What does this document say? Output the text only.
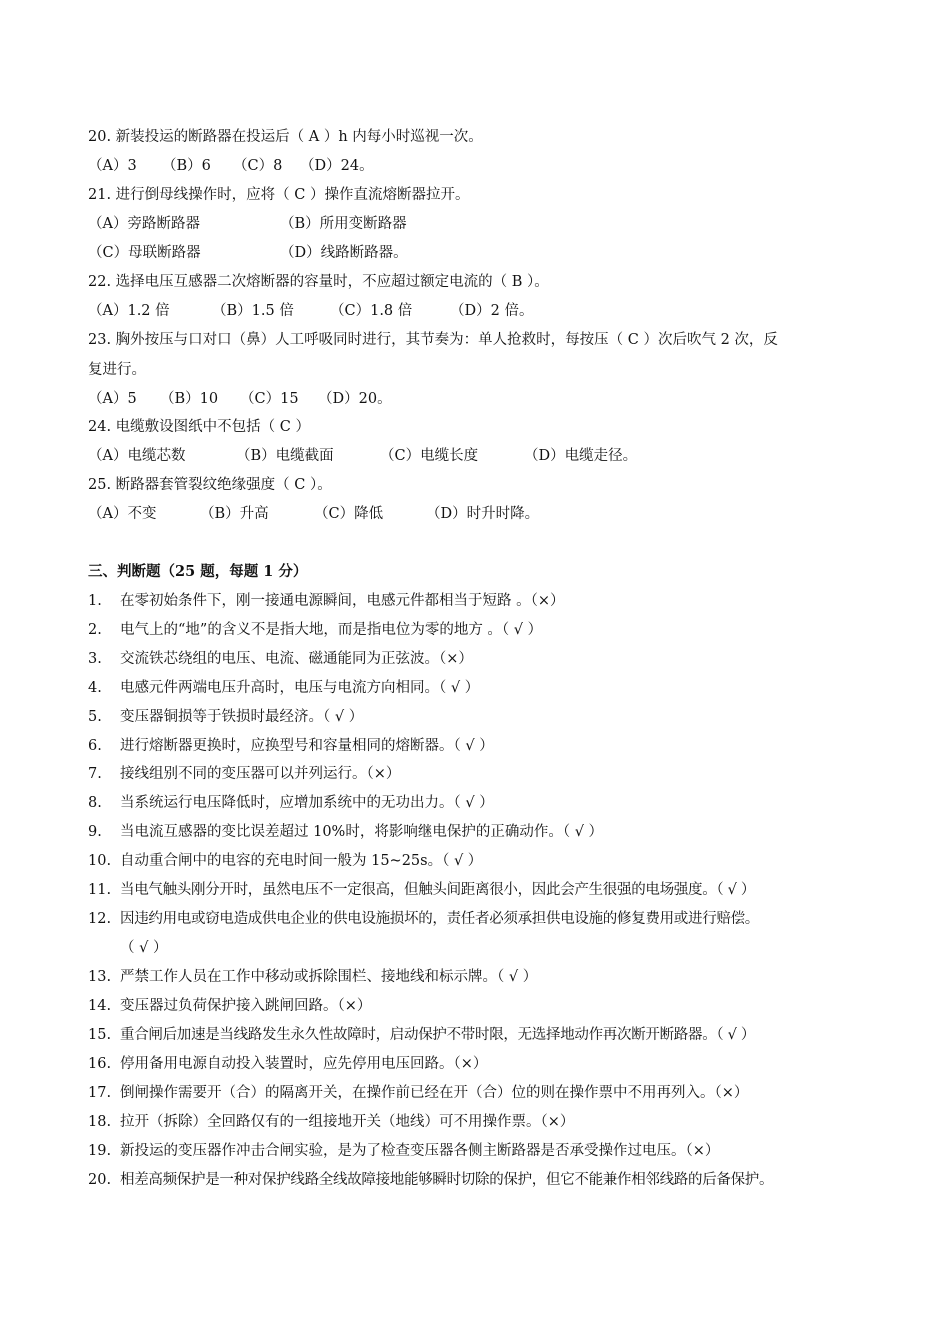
20. 新装投运的断路器在投运后（ A ）h 内每小时巡视一次。
（A）3 （B）6 （C）8 （D）24。
21. 进行倒母线操作时，应将（ C ）操作直流熔断器拉开。
（A）旁路断路器	（B）所用变断路器
（C）母联断路器	（D）线路断路器。
22. 选择电压互感器二次熔断器的容量时，不应超过额定电流的（ B ）。
（A）1.2 倍	（B）1.5 倍 （C）1.8 倍	（D）2 倍。
23. 胸外按压与口对口（鼻）人工呼吸同时进行，其节奏为：单人抢救时，每按压（ C ）次后吹气 2 次，反
复进行。
（A）5 （B）10 （C）15 （D）20。
24. 电缆敷设图纸中不包括（ C ）
（A）电缆芯数	（B）电缆截面	（C）电缆长度	（D）电缆走径。
25. 断路器套管裂纹绝缘强度（ C ）。
（A）不变	（B）升高	（C）降低	（D）时升时降。
三、判断题（25 题，每题 1 分）
1. 在零初始条件下，刚一接通电源瞬间，电感元件都相当于短路 。（×）
2. 电气上的“地”的含义不是指大地，而是指电位为零的地方 。（ √ ）
3. 交流铁芯绕组的电压、电流、磁通能同为正弦波。（×）
4. 电感元件两端电压升高时，电压与电流方向相同。（ √ ）
5. 变压器铜损等于铁损时最经济。（ √ ）
6. 进行熔断器更换时，应换型号和容量相同的熔断器。（ √ ）
7. 接线组别不同的变压器可以并列运行。（×）
8. 当系统运行电压降低时，应增加系统中的无功出力。（ √ ）
9. 当电流互感器的变比误差超过 10%时，将影响继电保护的正确动作。（ √ ）
10. 自动重合闸中的电容的充电时间一般为 15~25s。（ √ ）
11. 当电气触头刚分开时，虽然电压不一定很高，但触头间距离很小，因此会产生很强的电场强度。（ √ ）
12. 因违约用电或窃电造成供电企业的供电设施损坏的，责任者必须承担供电设施的修复费用或进行赔偿。
（ √ ）
13. 严禁工作人员在工作中移动或拆除围栏、接地线和标示牌。（ √ ）
14. 变压器过负荷保护接入跳闸回路。（×）
15. 重合闸后加速是当线路发生永久性故障时，启动保护不带时限，无选择地动作再次断开断路器。（ √ ）
16. 停用备用电源自动投入装置时，应先停用电压回路。（×）
17. 倒闸操作需要开（合）的隔离开关，在操作前已经在开（合）位的则在操作票中不用再列入。（×）
18. 拉开（拆除）全回路仅有的一组接地开关（地线）可不用操作票。（×）
19. 新投运的变压器作冲击合闸实验，是为了检查变压器各侧主断路器是否承受操作过电压。（×）
20. 相差高频保护是一种对保护线路全线故障接地能够瞬时切除的保护，但它不能兼作相邻线路的后备保护。
